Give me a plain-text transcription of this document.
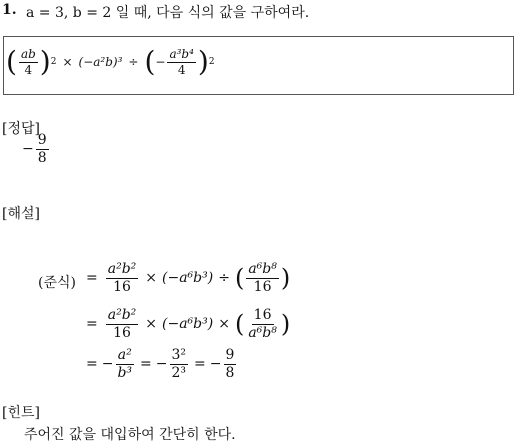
1. a = 3, b = 2 일 때, 다음 식의 값을 구하여라.
( $\frac{ab}{4}$ ) 2 × (−a²b)³ ÷ ( − $\frac{\text{a³b⁴}}{4}$ ) 2
[정답]
− $\frac{9}{8}$
[해설]
(준식) = $\frac{\text{a²b²}}{16} \times (-a^6b^3)$ ÷ ( $\frac{\text{a⁶b⁸}}{16}$ )
= $\frac{\text{a²b²}}{16} \times (-a^6b^3)$ × ( $\frac{16}{\text{a⁶b⁸}}$ )
= − $\frac{\text{a²}}{\text{b³}}$ = − $\frac{\text{3²}}{\text{2³}}$ = − $\frac{9}{8}$
[힌트]
주어진 값을 대입하여 간단히 한다.
